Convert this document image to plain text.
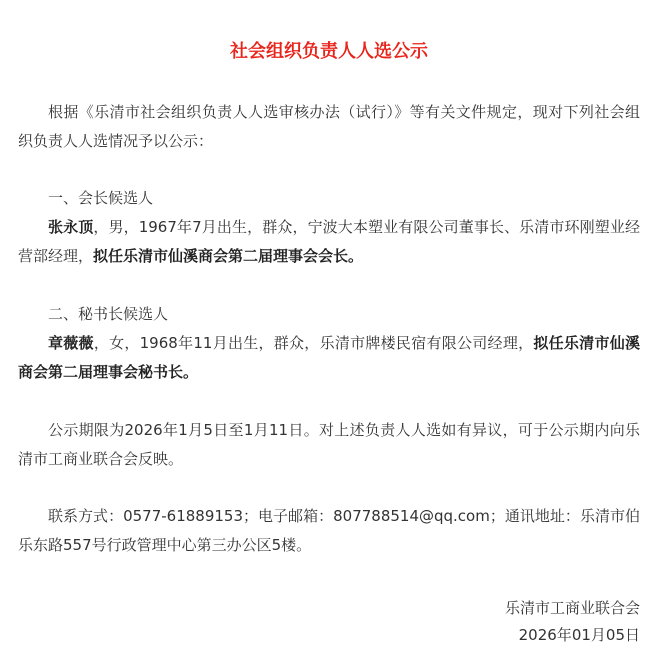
社会组织负责人人选公示

根据《乐清市社会组织负责人人选审核办法（试行）》等有关文件规定，现对下列社会组织负责人人选情况予以公示：

一、会长候选人

张永顶，男，1967年7月出生，群众，宁波大本塑业有限公司董事长、乐清市环刚塑业经营部经理，拟任乐清市仙溪商会第二届理事会会长。

二、秘书长候选人

章薇薇，女，1968年11月出生，群众，乐清市牌楼民宿有限公司经理，拟任乐清市仙溪商会第二届理事会秘书长。

公示期限为2026年1月5日至1月11日。对上述负责人人选如有异议，可于公示期内向乐清市工商业联合会反映。

联系方式：0577-61889153；电子邮箱：807788514@qq.com；通讯地址：乐清市伯乐东路557号行政管理中心第三办公区5楼。

乐清市工商业联合会

2026年01月05日
